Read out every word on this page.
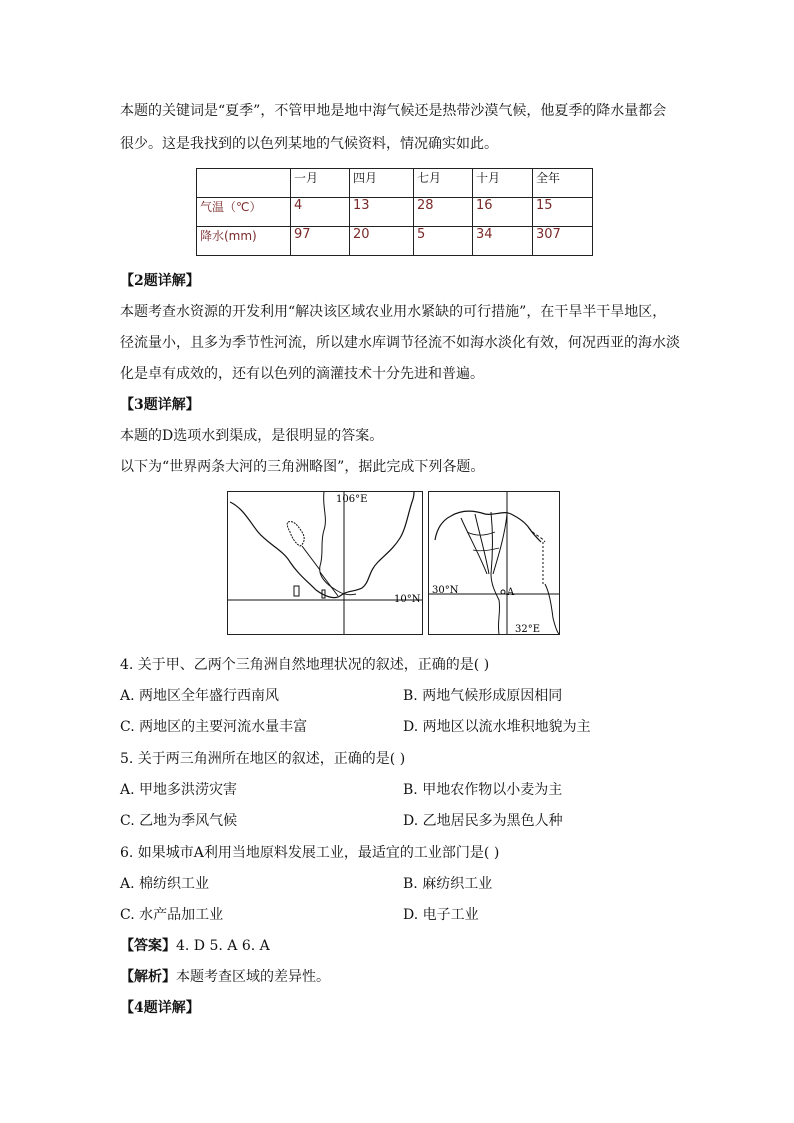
本题的关键词是“夏季”，不管甲地是地中海气候还是热带沙漠气候，他夏季的降水量都会
很少。这是我找到的以色列某地的气候资料，情况确实如此。
	一月	四月	七月	十月	全年
气温（℃）	4	13	28	16	15
降水(mm)	97	20	5	34	307
【2题详解】
本题考查水资源的开发利用“解决该区域农业用水紧缺的可行措施”，在干旱半干旱地区，
径流量小，且多为季节性河流，所以建水库调节径流不如海水淡化有效，何况西亚的海水淡
化是卓有成效的，还有以色列的滴灌技术十分先进和普遍。
【3题详解】
本题的D选项水到渠成，是很明显的答案。
以下为“世界两条大河的三角洲略图”，据此完成下列各题。
106°E
10°N
A
30°N
32°E
4. 关于甲、乙两个三角洲自然地理状况的叙述，正确的是( )
A. 两地区全年盛行西南风	B. 两地气候形成原因相同
C. 两地区的主要河流水量丰富	D. 两地区以流水堆积地貌为主
5. 关于两三角洲所在地区的叙述，正确的是( )
A. 甲地多洪涝灾害	B. 甲地农作物以小麦为主
C. 乙地为季风气候	D. 乙地居民多为黑色人种
6. 如果城市A利用当地原料发展工业，最适宜的工业部门是( )
A. 棉纺织工业	B. 麻纺织工业
C. 水产品加工业	D. 电子工业
【答案】4. D 5. A 6. A
【解析】本题考查区域的差异性。
【4题详解】
